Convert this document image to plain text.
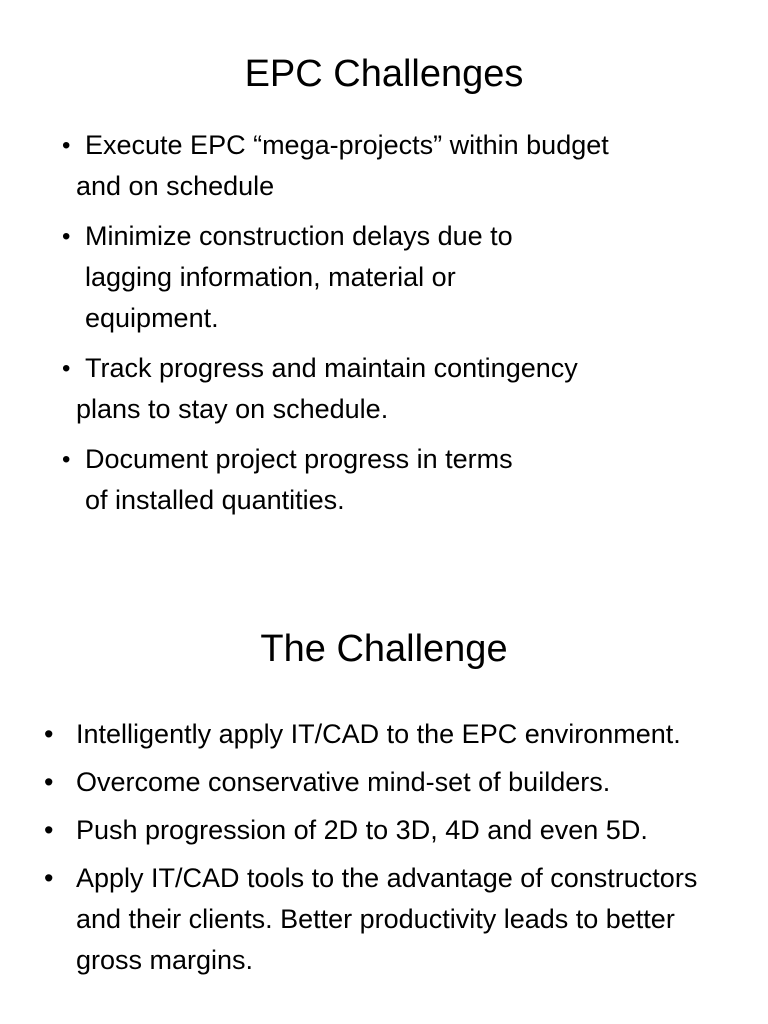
EPC Challenges
• Execute EPC “mega-projects” within budget
and on schedule
• Minimize construction delays due to
lagging information, material or
equipment.
• Track progress and maintain contingency
plans to stay on schedule.
• Document project progress in terms
of installed quantities.
The Challenge
• Intelligently apply IT/CAD to the EPC environment.
• Overcome conservative mind-set of builders.
• Push progression of 2D to 3D, 4D and even 5D.
• Apply IT/CAD tools to the advantage of constructors and their clients. Better productivity leads to better gross margins.
